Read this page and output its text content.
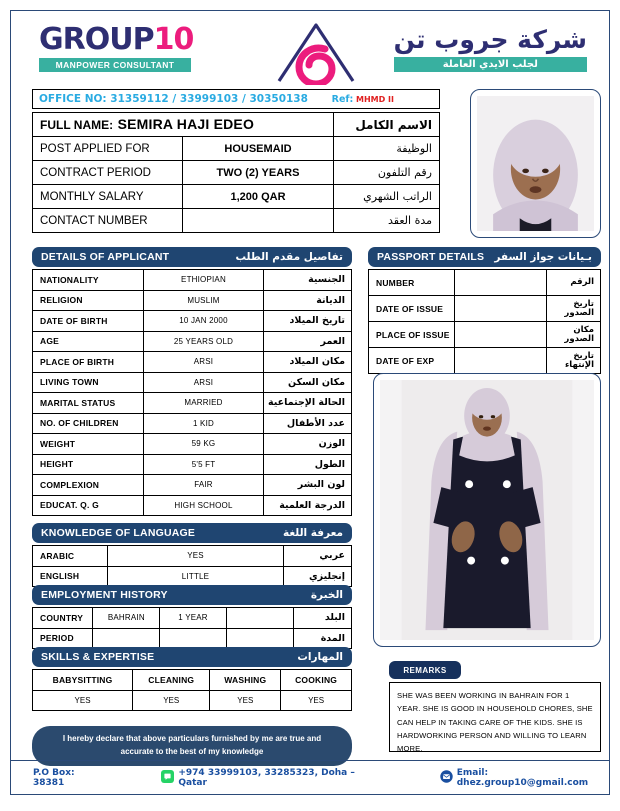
GROUP10
MANPOWER CONSULTANT
شركة جروب تن
لجلب الايدي العاملة
OFFICE NO: 31359112 / 33999103 / 30350138	Ref: MHMD II
FULL NAME: SEMIRA HAJI EDEO		الاسم الكامل
POST APPLIED FOR	HOUSEMAID	الوظيفة
CONTRACT PERIOD	TWO (2) YEARS	رقم التلفون
MONTHLY SALARY	1,200 QAR	الراتب الشهري
CONTACT NUMBER		مدة العقد
DETAILS OF APPLICANT	تفاصيل مقدم الطلب
NATIONALITY	ETHIOPIAN	الجنسية
RELIGION	MUSLIM	الديانة
DATE OF BIRTH	10 JAN 2000	تاريخ الميلاد
AGE	25 YEARS OLD	العمر
PLACE OF BIRTH	ARSI	مكان الميلاد
LIVING TOWN	ARSI	مكان السكن
MARITAL STATUS	MARRIED	الحالة الإجتماعية
NO. OF CHILDREN	1 KID	عدد الأطفال
WEIGHT	59 KG	الوزن
HEIGHT	5'5 FT	الطول
COMPLEXION	FAIR	لون البشر
EDUCAT. Q. G	HIGH SCHOOL	الدرجة العلمية
KNOWLEDGE OF LANGUAGE	معرفة اللغة
ARABIC	YES	عربي
ENGLISH	LITTLE	إنجليزي
EMPLOYMENT HISTORY	الخبرة
COUNTRY	BAHRAIN	1 YEAR		البلد
PERIOD				المدة
SKILLS & EXPERTISE	المهارات
BABYSITTING	CLEANING	WASHING	COOKING
YES	YES	YES	YES
I hereby declare that above particulars furnished by me are true and accurate to the best of my knowledge
PASSPORT DETAILS بـيانات جواز السفر
NUMBER		الرقم
DATE OF ISSUE		تاريخ الصدور
PLACE OF ISSUE		مكان الصدور
DATE OF EXP		تاريخ الإنتهاء
REMARKS
SHE WAS BEEN WORKING IN BAHRAIN FOR 1 YEAR. SHE IS GOOD IN HOUSEHOLD CHORES, SHE CAN HELP IN TAKING CARE OF THE KIDS. SHE IS HARDWORKING PERSON AND WILLING TO LEARN MORE.
P.O Box: 38381
+974 33999103, 33285323, Doha – Qatar
Email: dhez.group10@gmail.com
